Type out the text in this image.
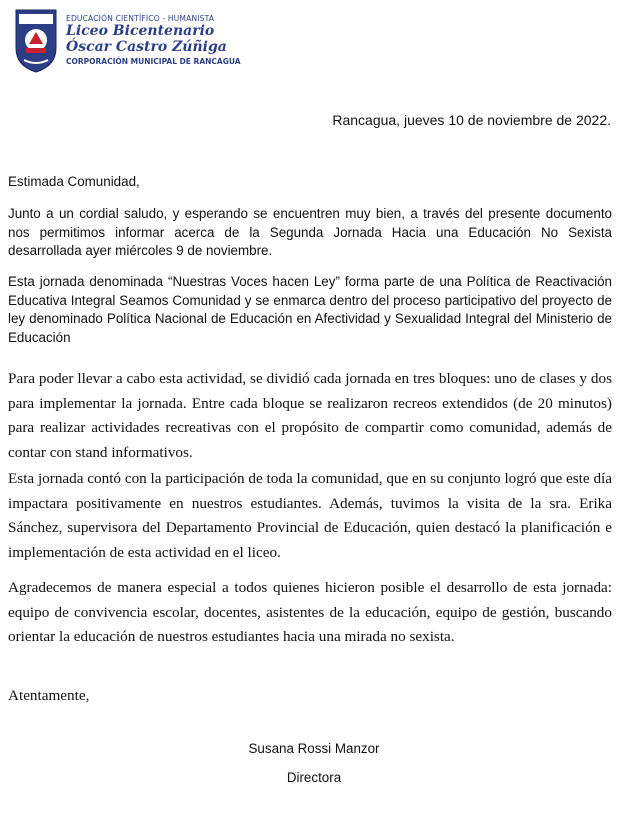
EDUCACIÓN CIENTÍFICO - HUMANISTA
Liceo Bicentenario
Óscar Castro Zúñiga
CORPORACIÓN MUNICIPAL DE RANCAGUA
Rancagua, jueves 10 de noviembre de 2022.
Estimada Comunidad,
Junto a un cordial saludo, y esperando se encuentren muy bien, a través del presente documento nos permitimos informar acerca de la Segunda Jornada Hacia una Educación No Sexista desarrollada ayer miércoles 9 de noviembre.
Esta jornada denominada “Nuestras Voces hacen Ley” forma parte de una Política de Reactivación Educativa Integral Seamos Comunidad y se enmarca dentro del proceso participativo del proyecto de ley denominado Política Nacional de Educación en Afectividad y Sexualidad Integral del Ministerio de Educación
Para poder llevar a cabo esta actividad, se dividió cada jornada en tres bloques: uno de clases y dos para implementar la jornada. Entre cada bloque se realizaron recreos extendidos (de 20 minutos) para realizar actividades recreativas con el propósito de compartir como comunidad, además de contar con stand informativos.
Esta jornada contó con la participación de toda la comunidad, que en su conjunto logró que este día impactara positivamente en nuestros estudiantes. Además, tuvimos la visita de la sra. Erika Sánchez, supervisora del Departamento Provincial de Educación, quien destacó la planificación e implementación de esta actividad en el liceo.
Agradecemos de manera especial a todos quienes hicieron posible el desarrollo de esta jornada: equipo de convivencia escolar, docentes, asistentes de la educación, equipo de gestión, buscando orientar la educación de nuestros estudiantes hacia una mirada no sexista.
Atentamente,
Susana Rossi Manzor
Directora
